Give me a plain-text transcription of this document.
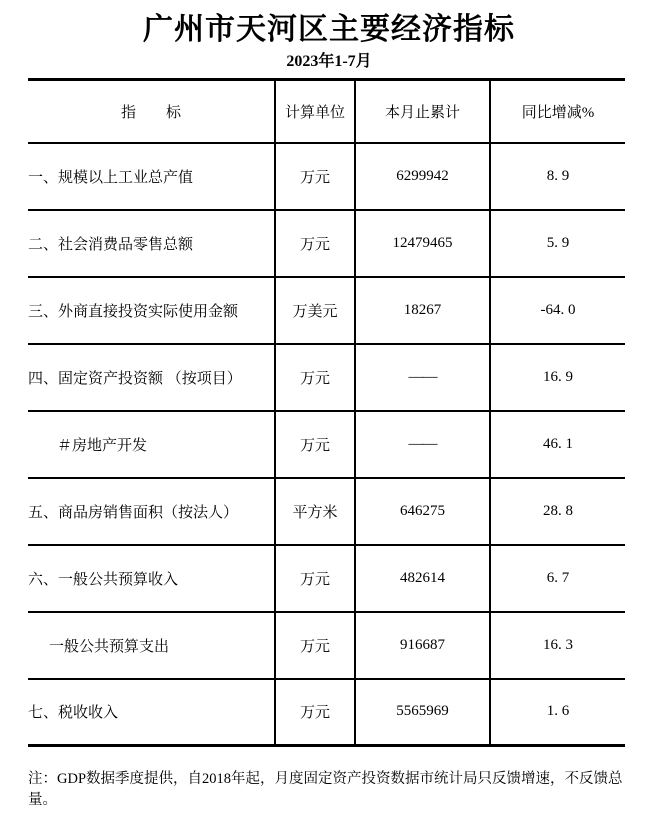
广州市天河区主要经济指标
2023年1-7月
指　　标	计算单位	本月止累计	同比增减%
一、规模以上工业总产值	万元	6299942	8. 9
二、社会消费品零售总额	万元	12479465	5. 9
三、外商直接投资实际使用金额	万美元	18267	-64. 0
四、固定资产投资额 （按项目）	万元	——	16. 9
＃房地产开发	万元	——	46. 1
五、商品房销售面积（按法人）	平方米	646275	28. 8
六、一般公共预算收入	万元	482614	6. 7
一般公共预算支出	万元	916687	16. 3
七、税收收入	万元	5565969	1. 6
注：GDP数据季度提供，自2018年起，月度固定资产投资数据市统计局只反馈增速，不反馈总量。
